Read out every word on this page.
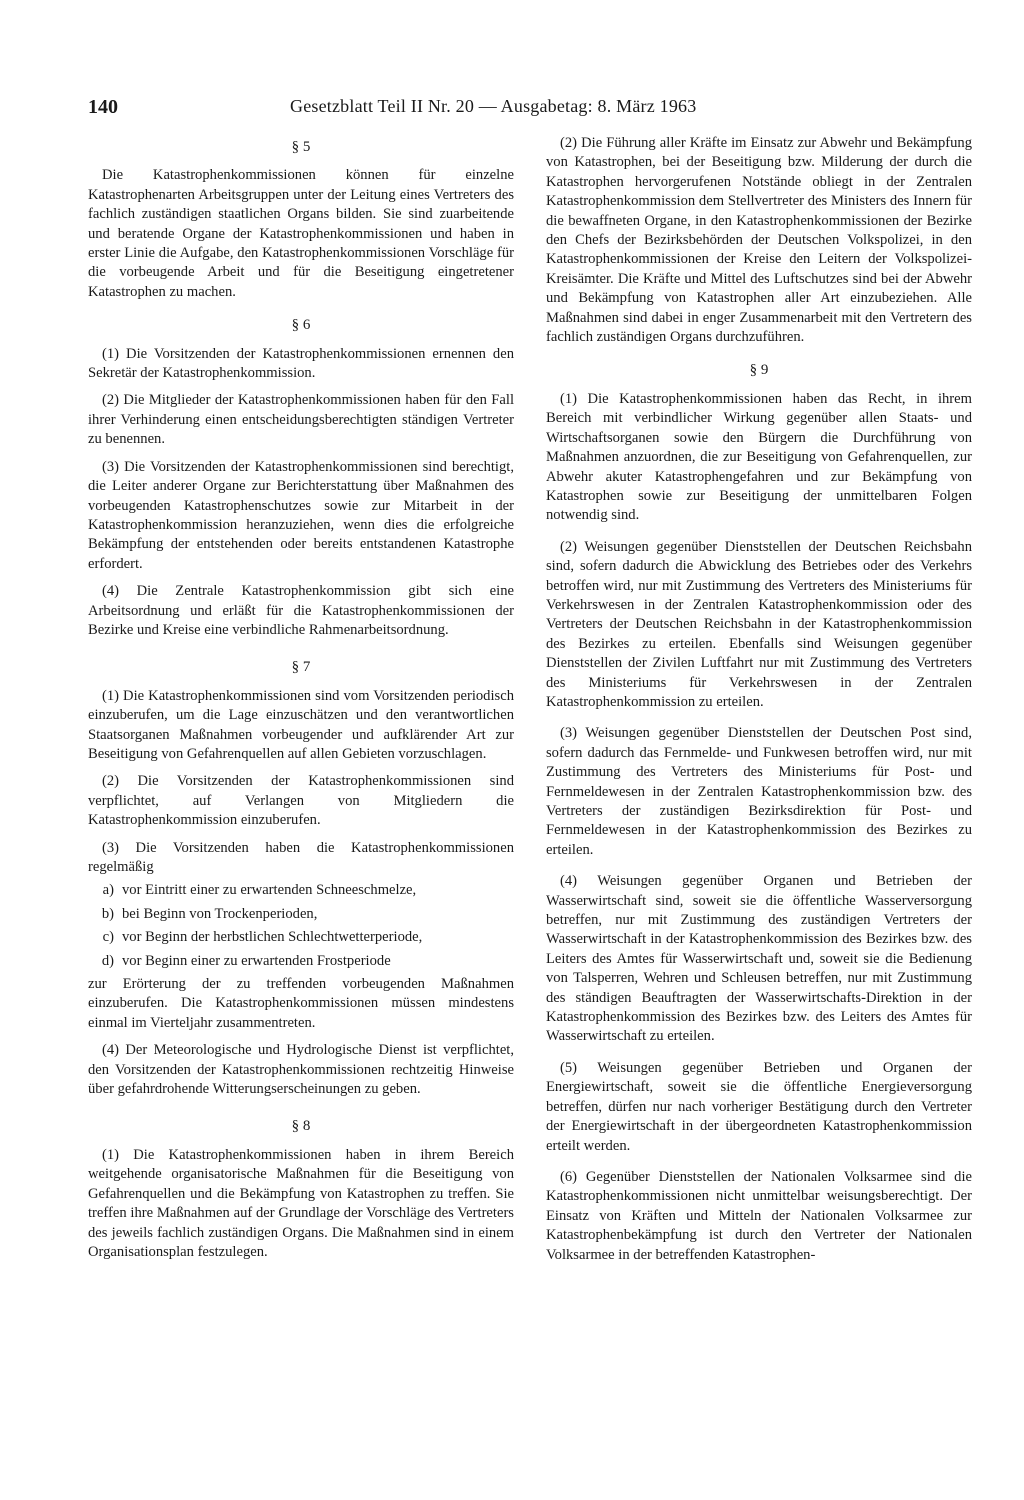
140	Gesetzblatt Teil II Nr. 20 — Ausgabetag: 8. März 1963
§ 5

Die Katastrophenkommissionen können für einzelne Katastrophenarten Arbeitsgruppen unter der Leitung eines Vertreters des fachlich zuständigen staatlichen Organs bilden. Sie sind zuarbeitende und beratende Organe der Katastrophenkommissionen und haben in erster Linie die Aufgabe, den Katastrophenkommissionen Vorschläge für die vorbeugende Arbeit und für die Beseitigung eingetretener Katastrophen zu machen.

§ 6

(1) Die Vorsitzenden der Katastrophenkommissionen ernennen den Sekretär der Katastrophenkommission.

(2) Die Mitglieder der Katastrophenkommissionen haben für den Fall ihrer Verhinderung einen entscheidungsberechtigten ständigen Vertreter zu benennen.

(3) Die Vorsitzenden der Katastrophenkommissionen sind berechtigt, die Leiter anderer Organe zur Berichterstattung über Maßnahmen des vorbeugenden Katastrophenschutzes sowie zur Mitarbeit in der Katastrophenkommission heranzuziehen, wenn dies die erfolgreiche Bekämpfung der entstehenden oder bereits entstandenen Katastrophe erfordert.

(4) Die Zentrale Katastrophenkommission gibt sich eine Arbeitsordnung und erläßt für die Katastrophenkommissionen der Bezirke und Kreise eine verbindliche Rahmenarbeitsordnung.

§ 7

(1) Die Katastrophenkommissionen sind vom Vorsitzenden periodisch einzuberufen, um die Lage einzuschätzen und den verantwortlichen Staatsorganen Maßnahmen vorbeugender und aufklärender Art zur Beseitigung von Gefahrenquellen auf allen Gebieten vorzuschlagen.

(2) Die Vorsitzenden der Katastrophenkommissionen sind verpflichtet, auf Verlangen von Mitgliedern die Katastrophenkommission einzuberufen.

(3) Die Vorsitzenden haben die Katastrophenkommissionen regelmäßig

a) vor Eintritt einer zu erwartenden Schneeschmelze,
b) bei Beginn von Trockenperioden,
c) vor Beginn der herbstlichen Schlechtwetterperiode,
d) vor Beginn einer zu erwartenden Frostperiode

zur Erörterung der zu treffenden vorbeugenden Maßnahmen einzuberufen. Die Katastrophenkommissionen müssen mindestens einmal im Vierteljahr zusammentreten.

(4) Der Meteorologische und Hydrologische Dienst ist verpflichtet, den Vorsitzenden der Katastrophenkommissionen rechtzeitig Hinweise über gefahrdrohende Witterungserscheinungen zu geben.

§ 8

(1) Die Katastrophenkommissionen haben in ihrem Bereich weitgehende organisatorische Maßnahmen für die Beseitigung von Gefahrenquellen und die Bekämpfung von Katastrophen zu treffen. Sie treffen ihre Maßnahmen auf der Grundlage der Vorschläge des Vertreters des jeweils fachlich zuständigen Organs. Die Maßnahmen sind in einem Organisationsplan festzulegen.

(2) Die Führung aller Kräfte im Einsatz zur Abwehr und Bekämpfung von Katastrophen, bei der Beseitigung bzw. Milderung der durch die Katastrophen hervorgerufenen Notstände obliegt in der Zentralen Katastrophenkommission dem Stellvertreter des Ministers des Innern für die bewaffneten Organe, in den Katastrophenkommissionen der Bezirke den Chefs der Bezirksbehörden der Deutschen Volkspolizei, in den Katastrophenkommissionen der Kreise den Leitern der Volkspolizei-Kreisämter. Die Kräfte und Mittel des Luftschutzes sind bei der Abwehr und Bekämpfung von Katastrophen aller Art einzubeziehen. Alle Maßnahmen sind dabei in enger Zusammenarbeit mit den Vertretern des fachlich zuständigen Organs durchzuführen.

§ 9

(1) Die Katastrophenkommissionen haben das Recht, in ihrem Bereich mit verbindlicher Wirkung gegenüber allen Staats- und Wirtschaftsorganen sowie den Bürgern die Durchführung von Maßnahmen anzuordnen, die zur Beseitigung von Gefahrenquellen, zur Abwehr akuter Katastrophengefahren und zur Bekämpfung von Katastrophen sowie zur Beseitigung der unmittelbaren Folgen notwendig sind.

(2) Weisungen gegenüber Dienststellen der Deutschen Reichsbahn sind, sofern dadurch die Abwicklung des Betriebes oder des Verkehrs betroffen wird, nur mit Zustimmung des Vertreters des Ministeriums für Verkehrswesen in der Zentralen Katastrophenkommission oder des Vertreters der Deutschen Reichsbahn in der Katastrophenkommission des Bezirkes zu erteilen. Ebenfalls sind Weisungen gegenüber Dienststellen der Zivilen Luftfahrt nur mit Zustimmung des Vertreters des Ministeriums für Verkehrswesen in der Zentralen Katastrophenkommission zu erteilen.

(3) Weisungen gegenüber Dienststellen der Deutschen Post sind, sofern dadurch das Fernmelde- und Funkwesen betroffen wird, nur mit Zustimmung des Vertreters des Ministeriums für Post- und Fernmeldewesen in der Zentralen Katastrophenkommission bzw. des Vertreters der zuständigen Bezirksdirektion für Post- und Fernmeldewesen in der Katastrophenkommission des Bezirkes zu erteilen.

(4) Weisungen gegenüber Organen und Betrieben der Wasserwirtschaft sind, soweit sie die öffentliche Wasserversorgung betreffen, nur mit Zustimmung des zuständigen Vertreters der Wasserwirtschaft in der Katastrophenkommission des Bezirkes bzw. des Leiters des Amtes für Wasserwirtschaft und, soweit sie die Bedienung von Talsperren, Wehren und Schleusen betreffen, nur mit Zustimmung des ständigen Beauftragten der Wasserwirtschafts-Direktion in der Katastrophenkommission des Bezirkes bzw. des Leiters des Amtes für Wasserwirtschaft zu erteilen.

(5) Weisungen gegenüber Betrieben und Organen der Energiewirtschaft, soweit sie die öffentliche Energieversorgung betreffen, dürfen nur nach vorheriger Bestätigung durch den Vertreter der Energiewirtschaft in der übergeordneten Katastrophenkommission erteilt werden.

(6) Gegenüber Dienststellen der Nationalen Volksarmee sind die Katastrophenkommissionen nicht unmittelbar weisungsberechtigt. Der Einsatz von Kräften und Mitteln der Nationalen Volksarmee zur Katastrophenbekämpfung ist durch den Vertreter der Nationalen Volksarmee in der betreffenden Katastrophen-
